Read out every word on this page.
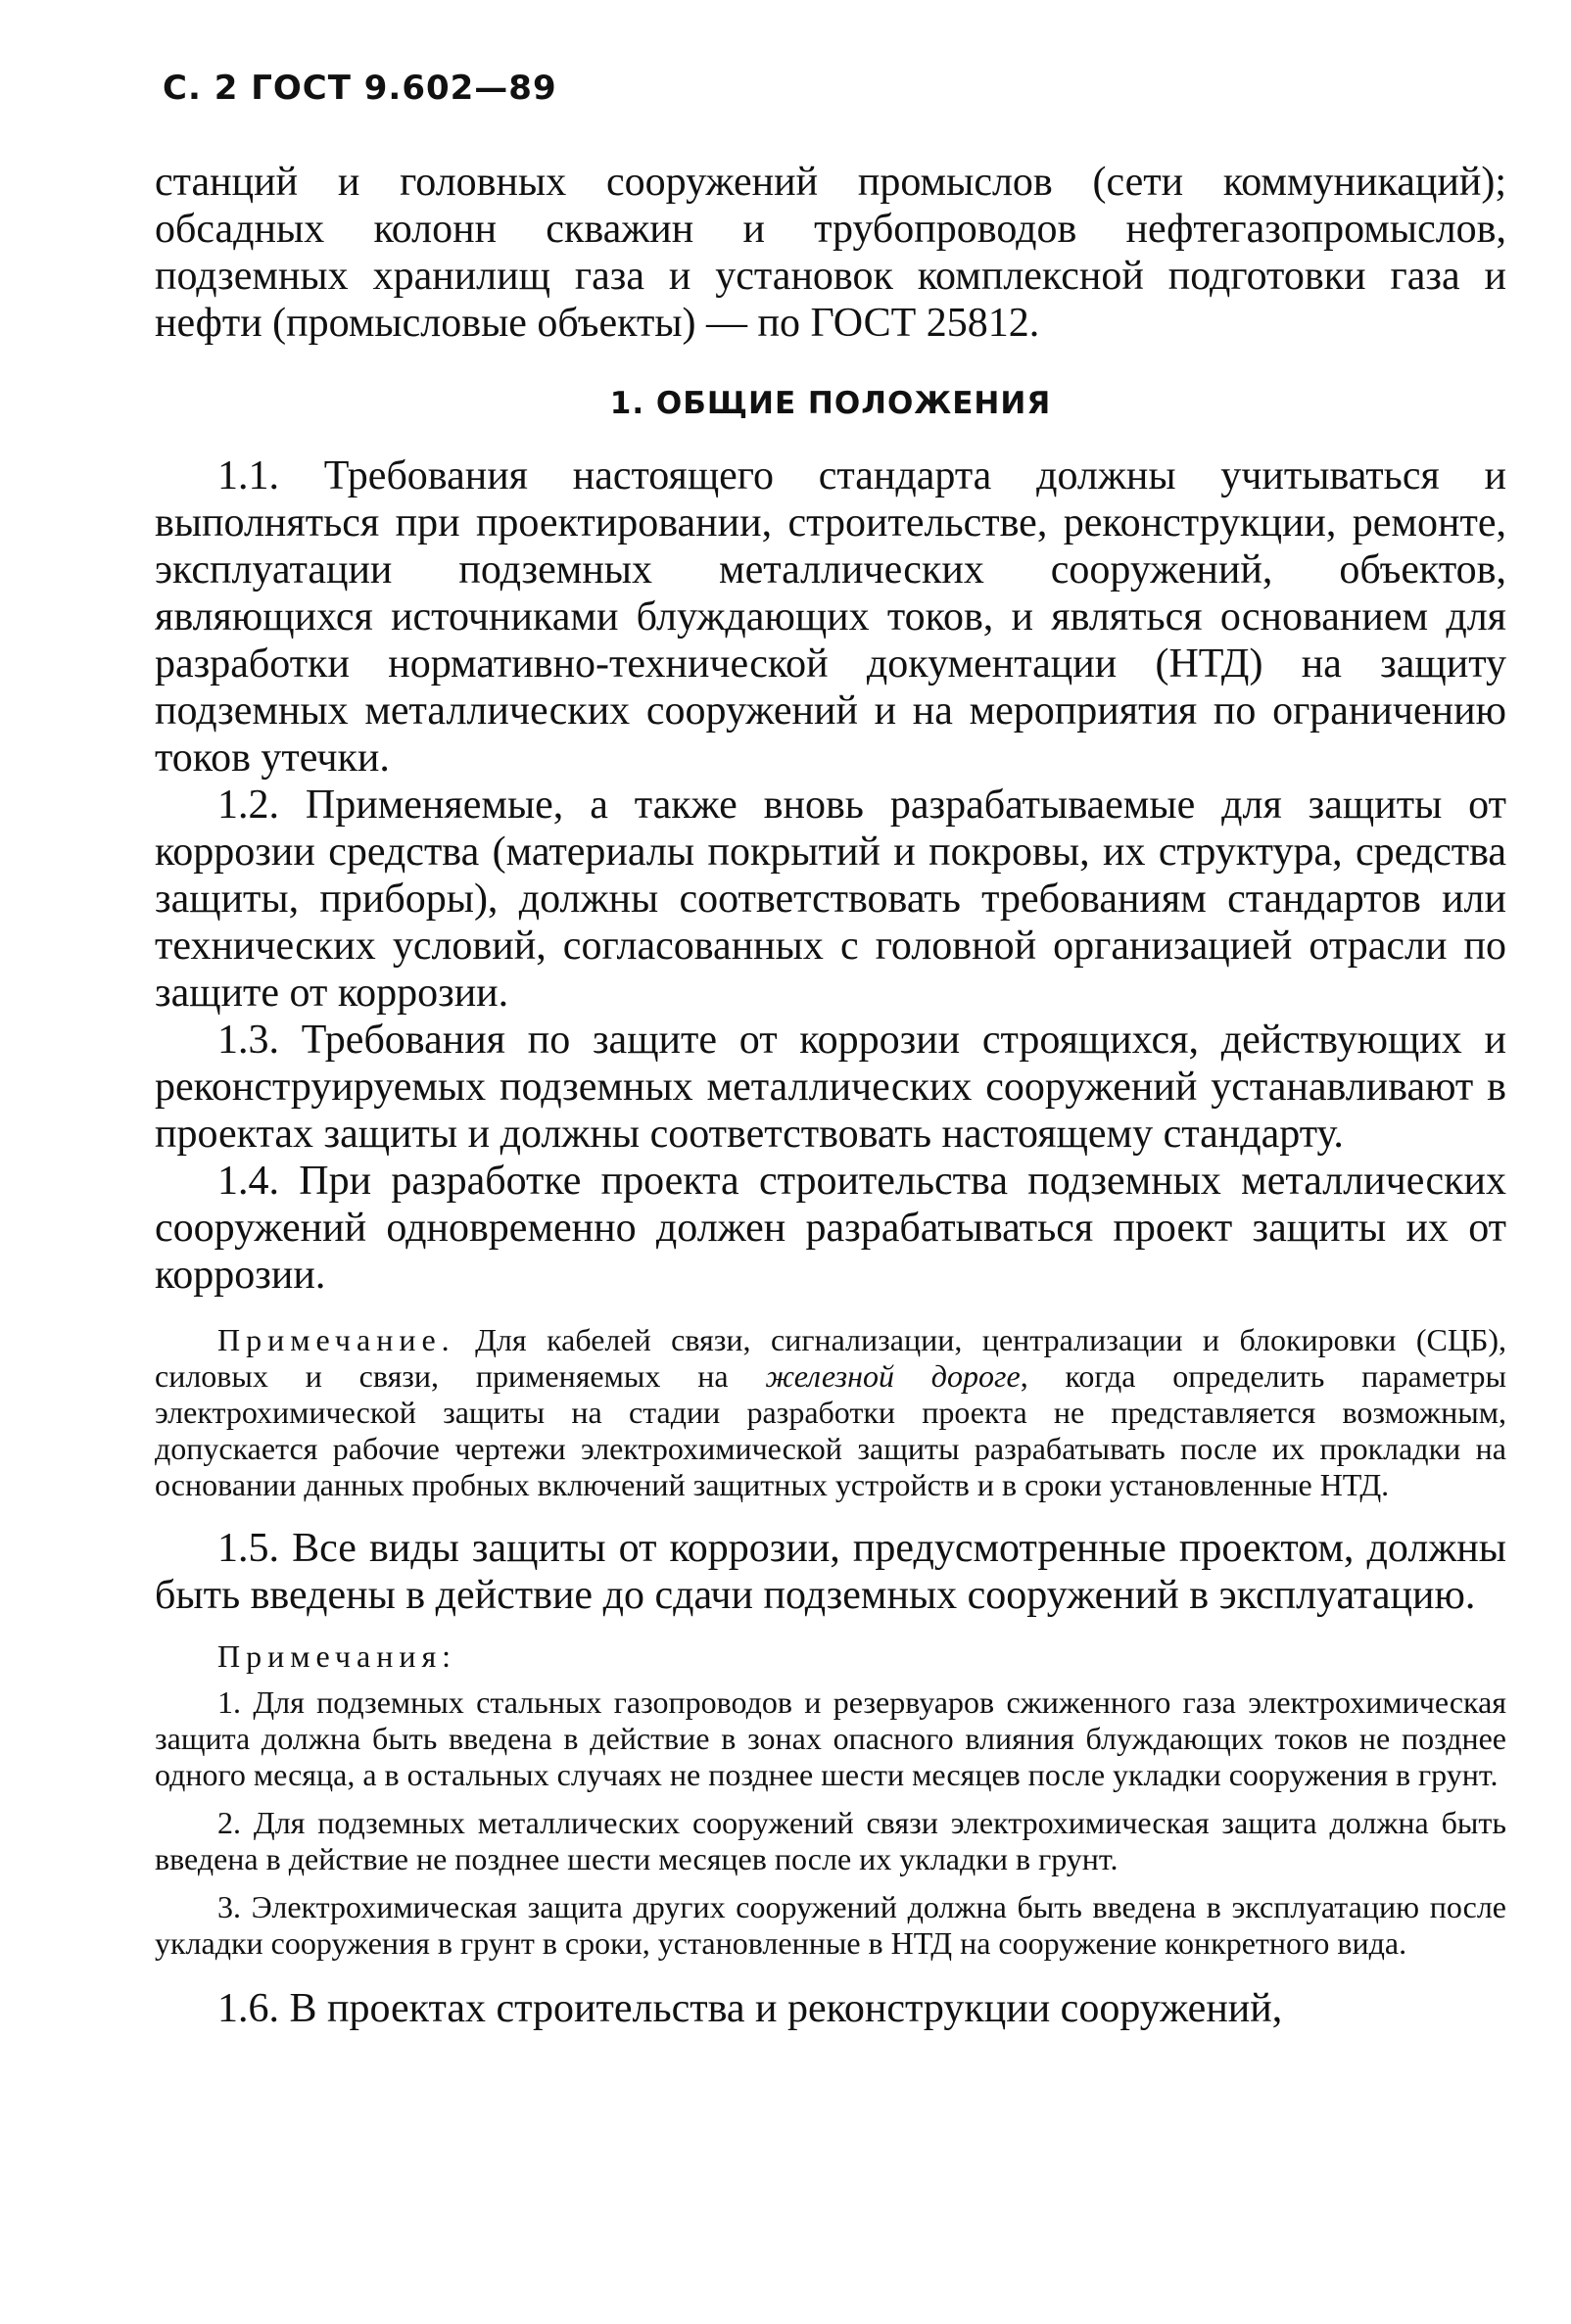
С. 2 ГОСТ 9.602—89

станций и головных сооружений промыслов (сети коммуникаций); обсадных колонн скважин и трубопроводов нефтегазопромыслов, подземных хранилищ газа и установок комплексной подготовки газа и нефти (промысловые объекты) — по ГОСТ 25812.

1. ОБЩИЕ ПОЛОЖЕНИЯ

1.1. Требования настоящего стандарта должны учитываться и выполняться при проектировании, строительстве, реконструкции, ремонте, эксплуатации подземных металлических сооружений, объектов, являющихся источниками блуждающих токов, и являться основанием для разработки нормативно-технической документации (НТД) на защиту подземных металлических сооружений и на мероприятия по ограничению токов утечки.

1.2. Применяемые, а также вновь разрабатываемые для защиты от коррозии средства (материалы покрытий и покровы, их структура, средства защиты, приборы), должны соответствовать требованиям стандартов или технических условий, согласованных с головной организацией отрасли по защите от коррозии.

1.3. Требования по защите от коррозии строящихся, действующих и реконструируемых подземных металлических сооружений устанавливают в проектах защиты и должны соответствовать настоящему стандарту.

1.4. При разработке проекта строительства подземных металлических сооружений одновременно должен разрабатываться проект защиты их от коррозии.

Примечание. Для кабелей связи, сигнализации, централизации и блокировки (СЦБ), силовых и связи, применяемых на железной дороге, когда определить параметры электрохимической защиты на стадии разработки проекта не представляется возможным, допускается рабочие чертежи электрохимической защиты разрабатывать после их прокладки на основании данных пробных включений защитных устройств и в сроки установленные НТД.

1.5. Все виды защиты от коррозии, предусмотренные проектом, должны быть введены в действие до сдачи подземных сооружений в эксплуатацию.

Примечания:

1. Для подземных стальных газопроводов и резервуаров сжиженного газа электрохимическая защита должна быть введена в действие в зонах опасного влияния блуждающих токов не позднее одного месяца, а в остальных случаях не позднее шести месяцев после укладки сооружения в грунт.

2. Для подземных металлических сооружений связи электрохимическая защита должна быть введена в действие не позднее шести месяцев после их укладки в грунт.

3. Электрохимическая защита других сооружений должна быть введена в эксплуатацию после укладки сооружения в грунт в сроки, установленные в НТД на сооружение конкретного вида.

1.6. В проектах строительства и реконструкции сооружений,
